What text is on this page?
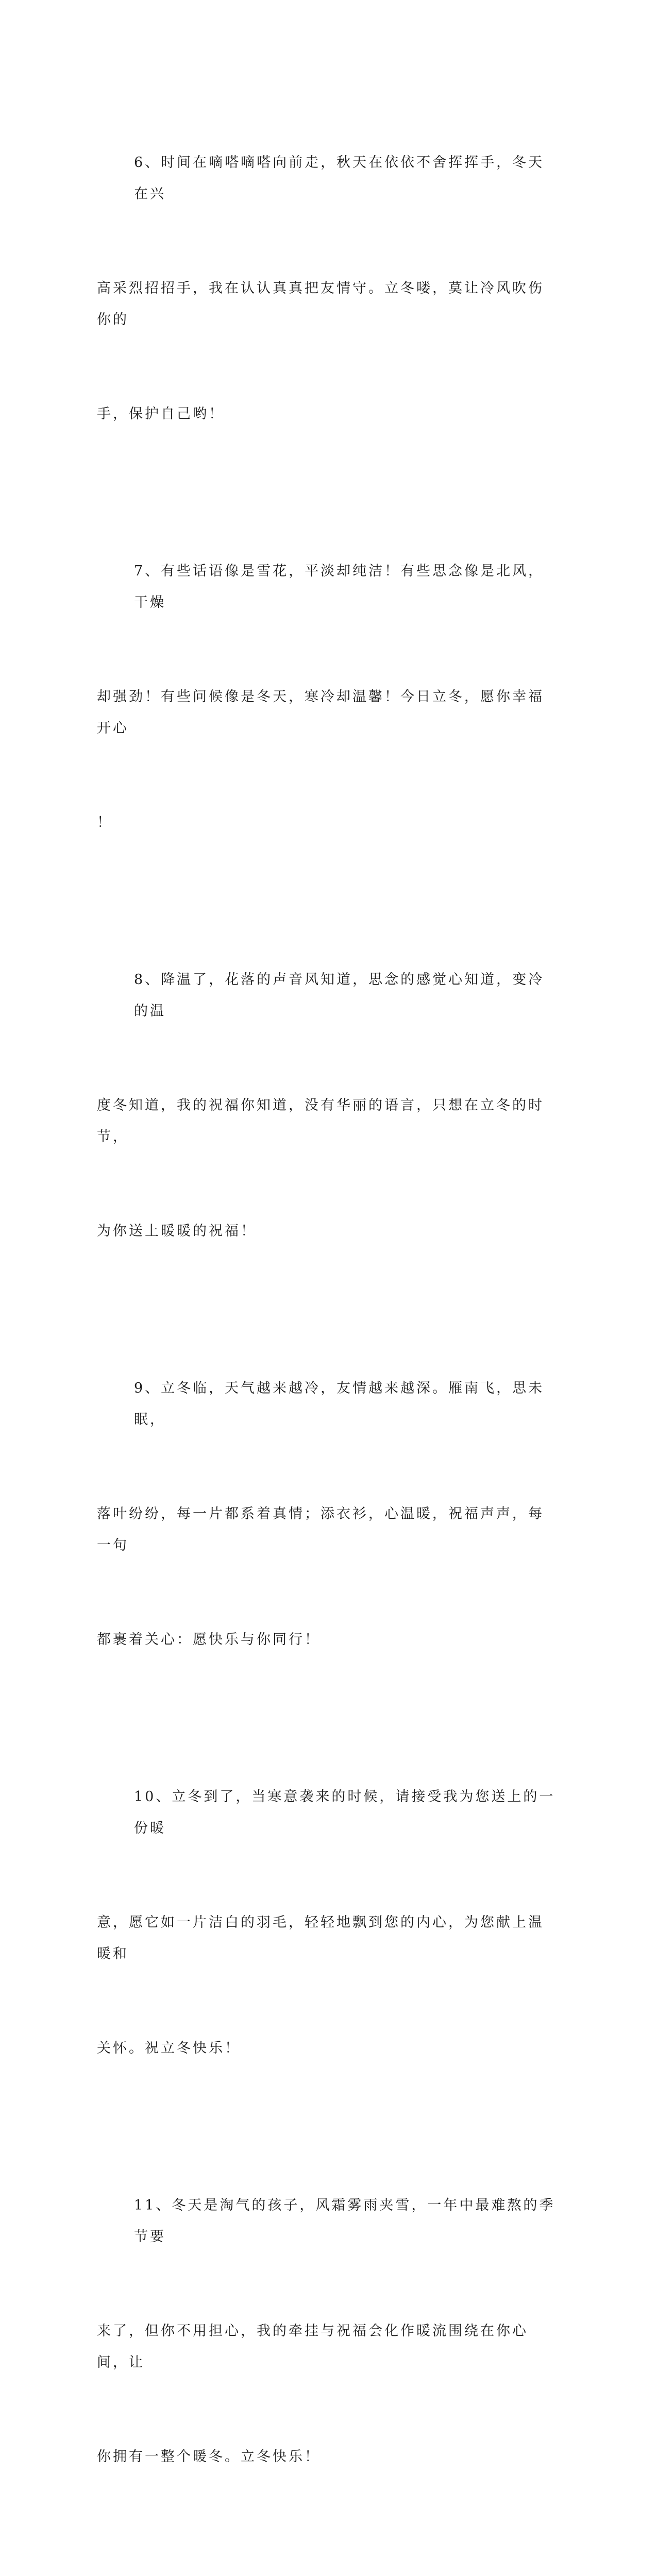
6、时间在嘀嗒嘀嗒向前走，秋天在依依不舍挥挥手，冬天在兴

高采烈招招手，我在认认真真把友情守。立冬喽，莫让冷风吹伤你的

手，保护自己哟！

7、有些话语像是雪花，平淡却纯洁！有些思念像是北风，干燥

却强劲！有些问候像是冬天，寒冷却温馨！今日立冬，愿你幸福开心

！

8、降温了，花落的声音风知道，思念的感觉心知道，变冷的温

度冬知道，我的祝福你知道，没有华丽的语言，只想在立冬的时节，

为你送上暖暖的祝福！

9、立冬临，天气越来越冷，友情越来越深。雁南飞，思未眠，

落叶纷纷，每一片都系着真情；添衣衫，心温暖，祝福声声，每一句

都裹着关心：愿快乐与你同行！

10、立冬到了，当寒意袭来的时候，请接受我为您送上的一份暖

意，愿它如一片洁白的羽毛，轻轻地飘到您的内心，为您献上温暖和

关怀。祝立冬快乐！

11、冬天是淘气的孩子，风霜雾雨夹雪，一年中最难熬的季节要

来了，但你不用担心，我的牵挂与祝福会化作暖流围绕在你心间，让

你拥有一整个暖冬。立冬快乐！
